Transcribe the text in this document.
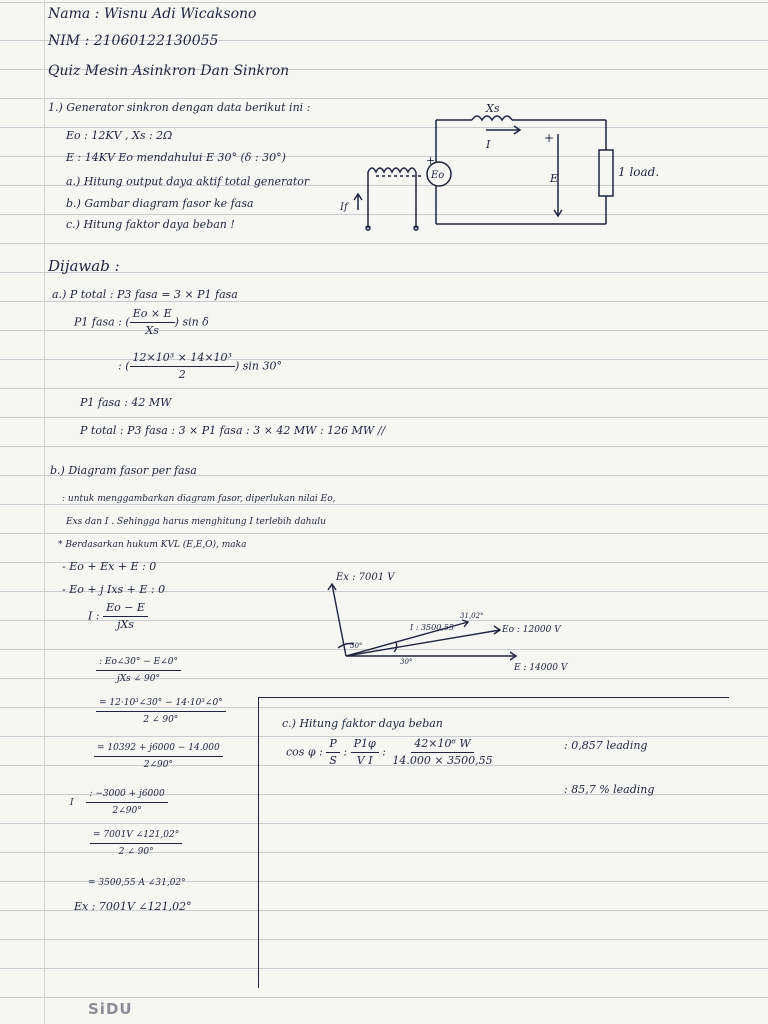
Nama : Wisnu Adi Wicaksono
NIM : 21060122130055
Quiz Mesin Asinkron Dan Sinkron
1.) Generator sinkron dengan data berikut ini :
Eo : 12KV , Xs : 2Ω
E : 14KV Eo mendahului E 30° (δ : 30°)
a.) Hitung output daya aktif total generator
b.) Gambar diagram fasor ke fasa
c.) Hitung faktor daya beban !
Xs
I	+
+
E
Eo	1 load.
If
Dijawab :
a.) P total : P3 fasa = 3 × P1 fasa
P1 fasa : ( $\frac{Eo \times E}{Xs}$ ) sin δ
: ( $\frac{\text{12×10³ × 14×10³}}{2}$ ) sin 30°
P1 fasa : 42 MW
P total : P3 fasa : 3 × P1 fasa : 3 × 42 MW : 126 MW //
b.) Diagram fasor per fasa
: untuk menggambarkan diagram fasor, diperlukan nilai Eo,
Exs dan I . Sehingga harus menghitung I terlebih dahulu
* Berdasarkan hukum KVL (E,E,O), maka
- Eo + Ex + E : 0
- Eo + j Ixs + E : 0
I : $\frac{Eo - E}{\text{jXs}}$
$\frac{: Eo\angle 30^\circ - E\angle 0^\circ}{\text{jXs ∠ 90°}}$
$\frac{\text{= 12·10³∠30° − 14·10³∠0°}}{2 \angle 90^\circ}$
$\frac{= 10392 + j6000 - 14.000}{2\angle 90^\circ}$
I $\frac{: -3000 + j6000}{2\angle 90^\circ}$
$\frac{= 7001V \angle 121,02^\circ}{2 \angle 90^\circ}$
= 3500,55 A ∠31,02°
Ex : 7001V ∠121,02°
Ex : 7001 V
I : 3500,55
31,02°
Eo : 12000 V
E : 14000 V
30°
30°
c.) Hitung faktor daya beban
cos φ : $\frac{P}{S}$ : $\frac{P1\varphi}{\text{V I}}$ : $\frac{\text{42×10⁶ W}}{14.000 \times 3500,55}$	: 0,857 leading
: 85,7 % leading
SiDU
